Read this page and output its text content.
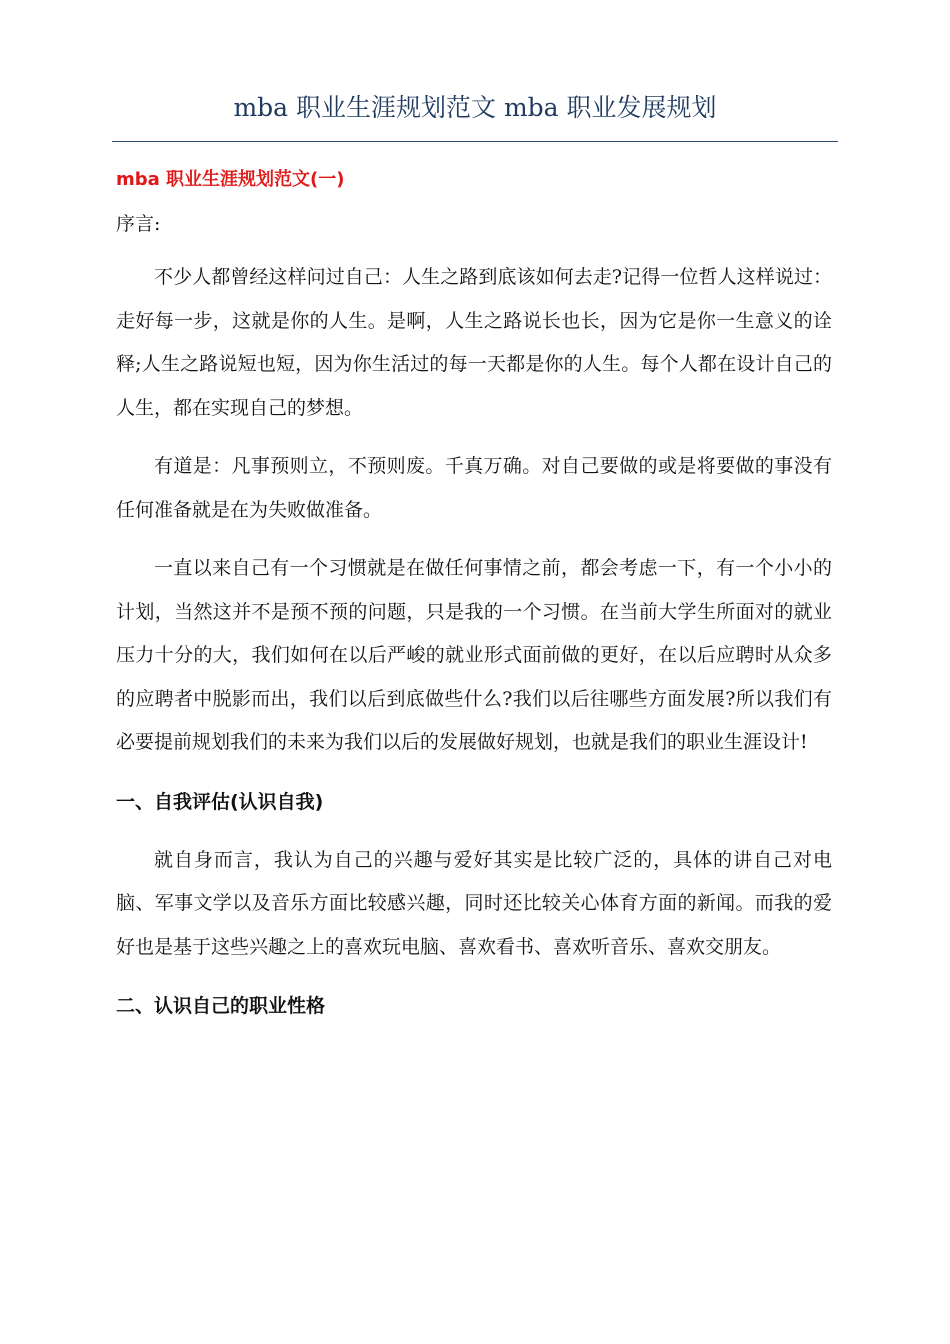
mba 职业生涯规划范文 mba 职业发展规划

mba 职业生涯规划范文(一)

序言:

不少人都曾经这样问过自己：人生之路到底该如何去走?记得一位哲人这样说过：走好每一步，这就是你的人生。是啊，人生之路说长也长，因为它是你一生意义的诠释;人生之路说短也短，因为你生活过的每一天都是你的人生。每个人都在设计自己的人生，都在实现自己的梦想。

有道是：凡事预则立，不预则废。千真万确。对自己要做的或是将要做的事没有任何准备就是在为失败做准备。

一直以来自己有一个习惯就是在做任何事情之前，都会考虑一下，有一个小小的计划，当然这并不是预不预的问题，只是我的一个习惯。在当前大学生所面对的就业压力十分的大，我们如何在以后严峻的就业形式面前做的更好，在以后应聘时从众多的应聘者中脱影而出，我们以后到底做些什么?我们以后往哪些方面发展?所以我们有必要提前规划我们的未来为我们以后的发展做好规划，也就是我们的职业生涯设计!

一、自我评估(认识自我)

就自身而言，我认为自己的兴趣与爱好其实是比较广泛的，具体的讲自己对电脑、军事文学以及音乐方面比较感兴趣，同时还比较关心体育方面的新闻。而我的爱好也是基于这些兴趣之上的喜欢玩电脑、喜欢看书、喜欢听音乐、喜欢交朋友。

二、认识自己的职业性格
